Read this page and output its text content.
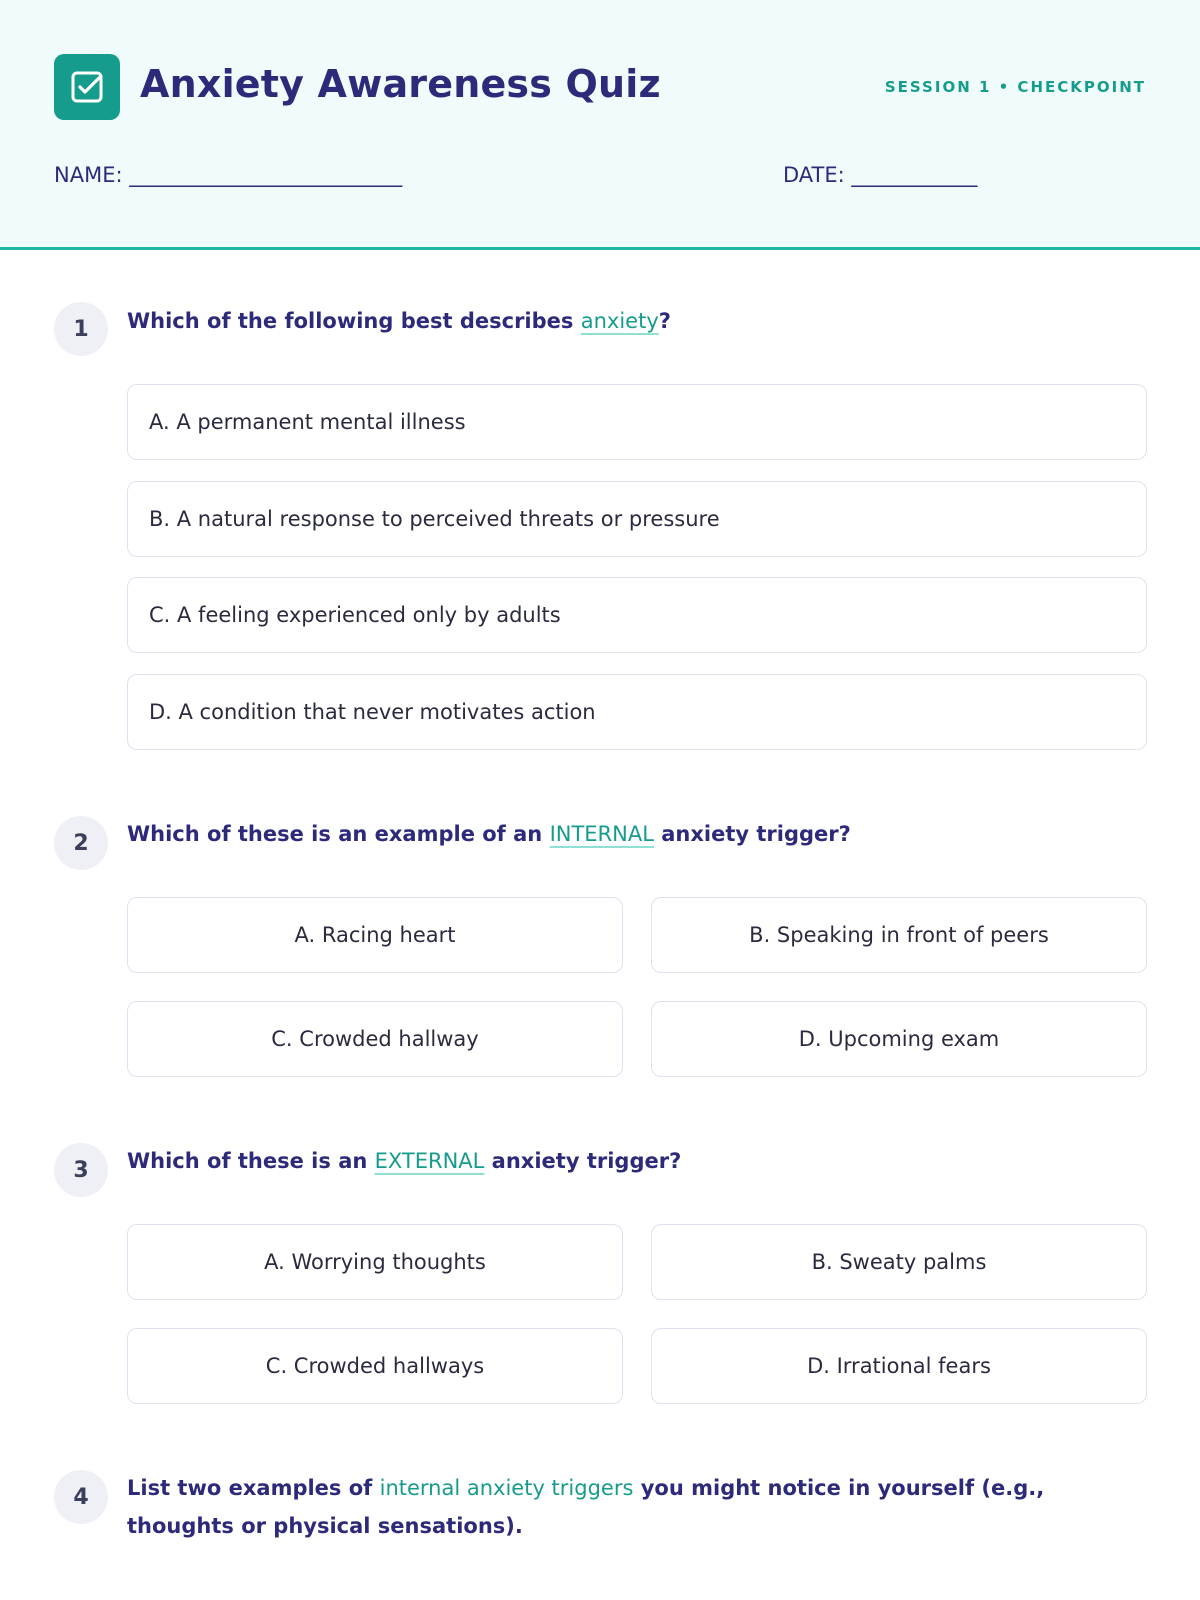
Anxiety Awareness Quiz	SESSION 1 • CHECKPOINT
NAME: __________________________	DATE: ____________
1	Which of the following best describes anxiety?
A. A permanent mental illness
B. A natural response to perceived threats or pressure
C. A feeling experienced only by adults
D. A condition that never motivates action
2	Which of these is an example of an INTERNAL anxiety trigger?
A. Racing heart	B. Speaking in front of peers
C. Crowded hallway	D. Upcoming exam
3	Which of these is an EXTERNAL anxiety trigger?
A. Worrying thoughts	B. Sweaty palms
C. Crowded hallways	D. Irrational fears
4	List two examples of internal anxiety triggers you might notice in yourself (e.g., thoughts or physical sensations).
